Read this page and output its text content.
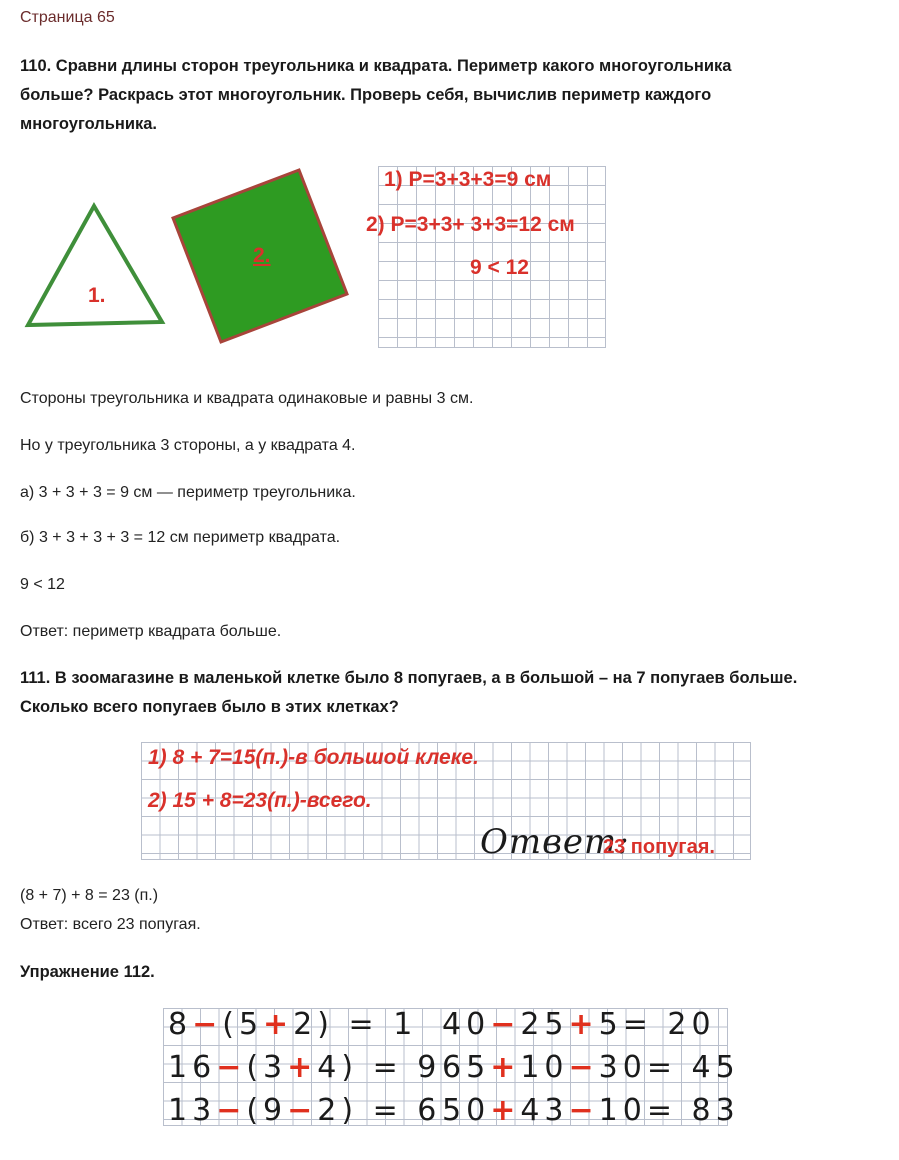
Страница 65
110. Сравни длины сторон треугольника и квадрата. Периметр какого многоугольника
больше? Раскрась этот многоугольник. Проверь себя, вычислив периметр каждого
многоугольника.
1.
2.
1) P=3+3+3=9 см
2) P=3+3+ 3+3=12 см
9 < 12
Стороны треугольника и квадрата одинаковые и равны 3 см.
Но у треугольника 3 стороны, а у квадрата 4.
а) 3 + 3 + 3 = 9 см — периметр треугольника.
б) 3 + 3 + 3 + 3 = 12 см периметр квадрата.
9 < 12
Ответ: периметр квадрата больше.
111. В зоомагазине в маленькой клетке было 8 попугаев, а в большой – на 7 попугаев больше.
Сколько всего попугаев было в этих клетках?
1) 8 + 7=15(п.)-в большой клеке.
2) 15 + 8=23(п.)-всего.
Ответ:
23 попугая.
(8 + 7) + 8 = 23 (п.)
Ответ: всего 23 попугая.
Упражнение 112.
8−(5+2) = 1 40−25+5= 20
16−(3+4) = 9 65+10−30= 45
13−(9−2) = 6 50+43−10= 83
